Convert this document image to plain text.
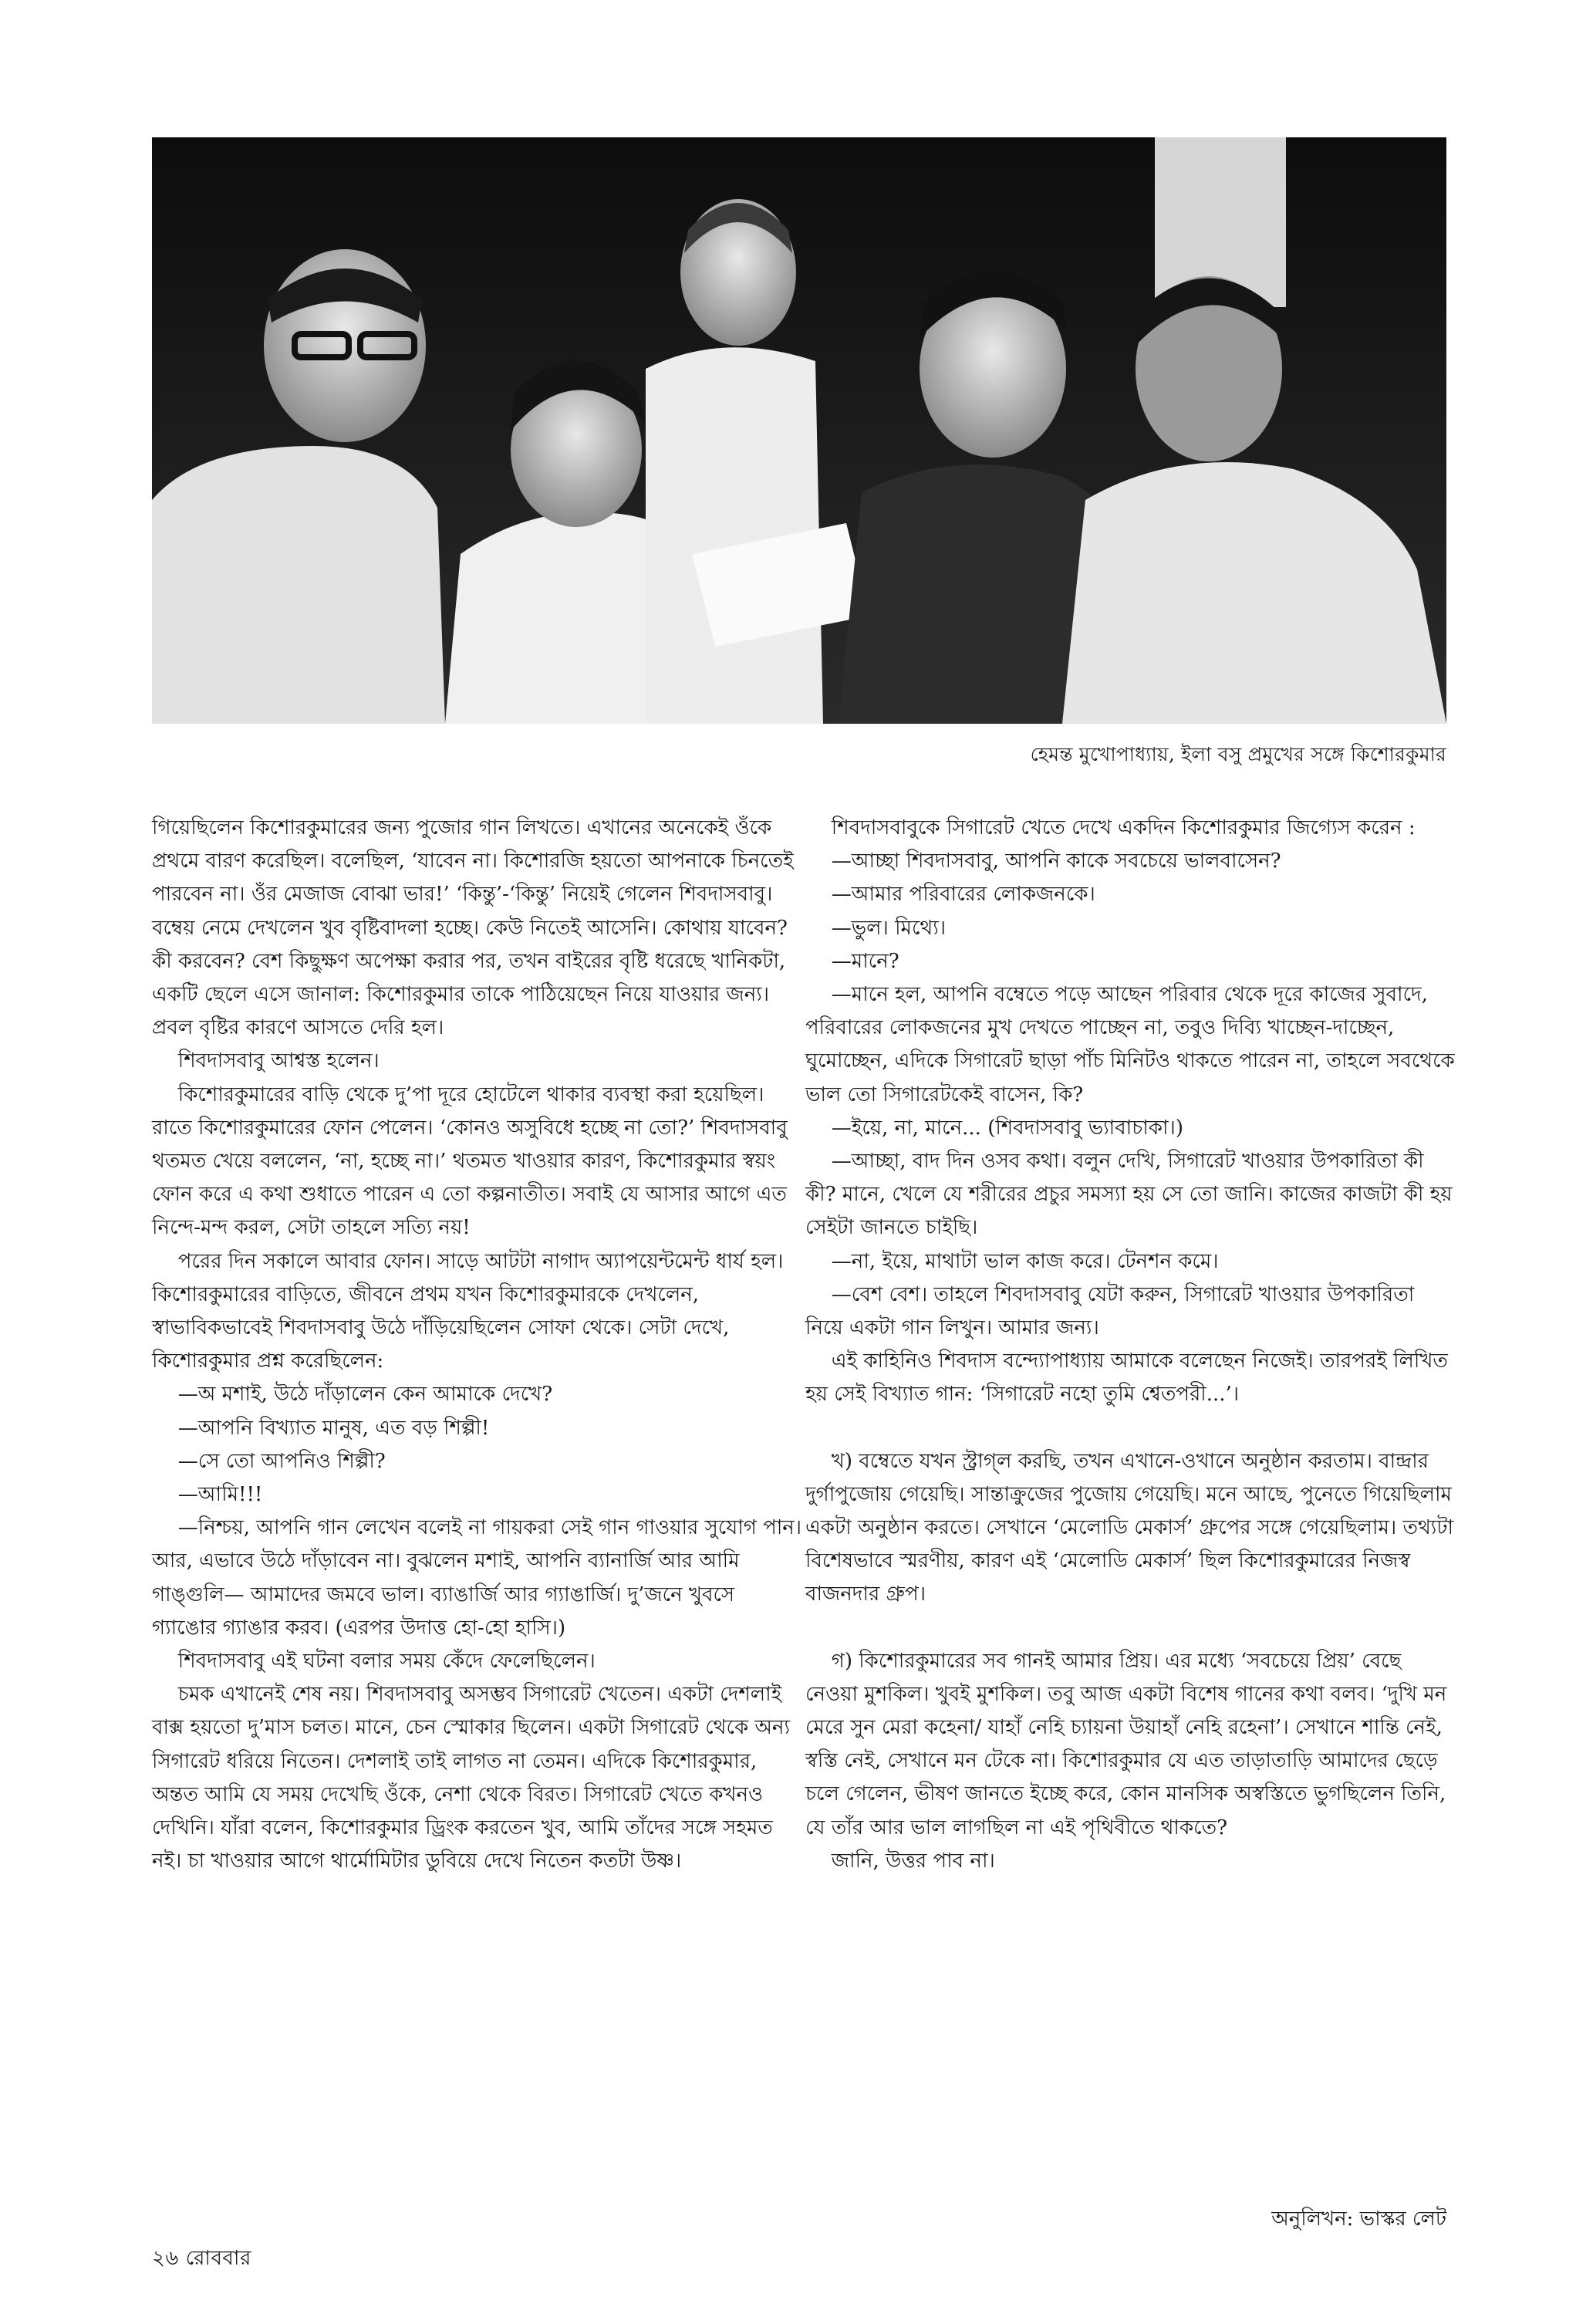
হেমন্ত মুখোপাধ্যায়, ইলা বসু প্রমুখের সঙ্গে কিশোরকুমার

গিয়েছিলেন কিশোরকুমারের জন্য পুজোর গান লিখতে। এখানের অনেকেই ওঁকে প্রথমে বারণ করেছিল। বলেছিল, ‘যাবেন না। কিশোরজি হয়তো আপনাকে চিনতেই পারবেন না। ওঁর মেজাজ বোঝা ভার!’ ‘কিন্তু’-‘কিন্তু’ নিয়েই গেলেন শিবদাসবাবু। বম্বেয় নেমে দেখলেন খুব বৃষ্টিবাদলা হচ্ছে। কেউ নিতেই আসেনি। কোথায় যাবেন? কী করবেন? বেশ কিছুক্ষণ অপেক্ষা করার পর, তখন বাইরের বৃষ্টি ধরেছে খানিকটা, একটি ছেলে এসে জানাল: কিশোরকুমার তাকে পাঠিয়েছেন নিয়ে যাওয়ার জন্য। প্রবল বৃষ্টির কারণে আসতে দেরি হল।

শিবদাসবাবু আশ্বস্ত হলেন।

কিশোরকুমারের বাড়ি থেকে দু’পা দূরে হোটেলে থাকার ব্যবস্থা করা হয়েছিল। রাতে কিশোরকুমারের ফোন পেলেন। ‘কোনও অসুবিধে হচ্ছে না তো?’ শিবদাসবাবু থতমত খেয়ে বললেন, ‘না, হচ্ছে না।’ থতমত খাওয়ার কারণ, কিশোরকুমার স্বয়ং ফোন করে এ কথা শুধাতে পারেন এ তো কল্পনাতীত। সবাই যে আসার আগে এত নিন্দে-মন্দ করল, সেটা তাহলে সত্যি নয়!

পরের দিন সকালে আবার ফোন। সাড়ে আটটা নাগাদ অ্যাপয়েন্টমেন্ট ধার্য হল। কিশোরকুমারের বাড়িতে, জীবনে প্রথম যখন কিশোরকুমারকে দেখলেন, স্বাভাবিকভাবেই শিবদাসবাবু উঠে দাঁড়িয়েছিলেন সোফা থেকে। সেটা দেখে, কিশোরকুমার প্রশ্ন করেছিলেন:

—অ মশাই, উঠে দাঁড়ালেন কেন আমাকে দেখে?

—আপনি বিখ্যাত মানুষ, এত বড় শিল্পী!

—সে তো আপনিও শিল্পী?

—আমি!!!

—নিশ্চয়, আপনি গান লেখেন বলেই না গায়করা সেই গান গাওয়ার সুযোগ পান। আর, এভাবে উঠে দাঁড়াবেন না। বুঝলেন মশাই, আপনি ব্যানার্জি আর আমি গাঙ্গুলি— আমাদের জমবে ভাল। ব্যাঙার্জি আর গ্যাঙার্জি। দু’জনে খুবসে গ্যাঙোর গ্যাঙার করব। (এরপর উদাত্ত হো-হো হাসি।)

শিবদাসবাবু এই ঘটনা বলার সময় কেঁদে ফেলেছিলেন।

চমক এখানেই শেষ নয়। শিবদাসবাবু অসম্ভব সিগারেট খেতেন। একটা দেশলাই বাক্স হয়তো দু’মাস চলত। মানে, চেন স্মোকার ছিলেন। একটা সিগারেট থেকে অন্য সিগারেট ধরিয়ে নিতেন। দেশলাই তাই লাগত না তেমন। এদিকে কিশোরকুমার, অন্তত আমি যে সময় দেখেছি ওঁকে, নেশা থেকে বিরত। সিগারেট খেতে কখনও দেখিনি। যাঁরা বলেন, কিশোরকুমার ড্রিংক করতেন খুব, আমি তাঁদের সঙ্গে সহমত নই। চা খাওয়ার আগে থার্মোমিটার ডুবিয়ে দেখে নিতেন কতটা উষ্ণ।

শিবদাসবাবুকে সিগারেট খেতে দেখে একদিন কিশোরকুমার জিগ্যেস করেন :

—আচ্ছা শিবদাসবাবু, আপনি কাকে সবচেয়ে ভালবাসেন?

—আমার পরিবারের লোকজনকে।

—ভুল। মিথ্যে।

—মানে?

—মানে হল, আপনি বম্বেতে পড়ে আছেন পরিবার থেকে দূরে কাজের সুবাদে, পরিবারের লোকজনের মুখ দেখতে পাচ্ছেন না, তবুও দিব্যি খাচ্ছেন-দাচ্ছেন, ঘুমোচ্ছেন, এদিকে সিগারেট ছাড়া পাঁচ মিনিটও থাকতে পারেন না, তাহলে সবথেকে ভাল তো সিগারেটকেই বাসেন, কি?

—ইয়ে, না, মানে... (শিবদাসবাবু ভ্যাবাচাকা।)

—আচ্ছা, বাদ দিন ওসব কথা। বলুন দেখি, সিগারেট খাওয়ার উপকারিতা কী কী? মানে, খেলে যে শরীরের প্রচুর সমস্যা হয় সে তো জানি। কাজের কাজটা কী হয় সেইটা জানতে চাইছি।

—না, ইয়ে, মাথাটা ভাল কাজ করে। টেনশন কমে।

—বেশ বেশ। তাহলে শিবদাসবাবু যেটা করুন, সিগারেট খাওয়ার উপকারিতা নিয়ে একটা গান লিখুন। আমার জন্য।

এই কাহিনিও শিবদাস বন্দ্যোপাধ্যায় আমাকে বলেছেন নিজেই। তারপরই লিখিত হয় সেই বিখ্যাত গান: ‘সিগারেট নহো তুমি শ্বেতপরী...’।

খ) বম্বেতে যখন স্ট্রাগ্‌ল করছি, তখন এখানে-ওখানে অনুষ্ঠান করতাম। বান্দ্রার দুর্গাপুজোয় গেয়েছি। সান্তাক্রুজের পুজোয় গেয়েছি। মনে আছে, পুনেতে গিয়েছিলাম একটা অনুষ্ঠান করতে। সেখানে ‘মেলোডি মেকার্স’ গ্রুপের সঙ্গে গেয়েছিলাম। তথ্যটা বিশেষভাবে স্মরণীয়, কারণ এই ‘মেলোডি মেকার্স’ ছিল কিশোরকুমারের নিজস্ব বাজনদার গ্রুপ।

গ) কিশোরকুমারের সব গানই আমার প্রিয়। এর মধ্যে ‘সবচেয়ে প্রিয়’ বেছে নেওয়া মুশকিল। খুবই মুশকিল। তবু আজ একটা বিশেষ গানের কথা বলব। ‘দুখি মন মেরে সুন মেরা কহেনা/ যাহাঁ নেহি চ্যায়না উয়াহাঁ নেহি রহেনা’। সেখানে শান্তি নেই, স্বস্তি নেই, সেখানে মন টেকে না। কিশোরকুমার যে এত তাড়াতাড়ি আমাদের ছেড়ে চলে গেলেন, ভীষণ জানতে ইচ্ছে করে, কোন মানসিক অস্বস্তিতে ভুগছিলেন তিনি, যে তাঁর আর ভাল লাগছিল না এই পৃথিবীতে থাকতে?

জানি, উত্তর পাব না।

অনুলিখন: ভাস্কর লেট
২৬ রোববার
